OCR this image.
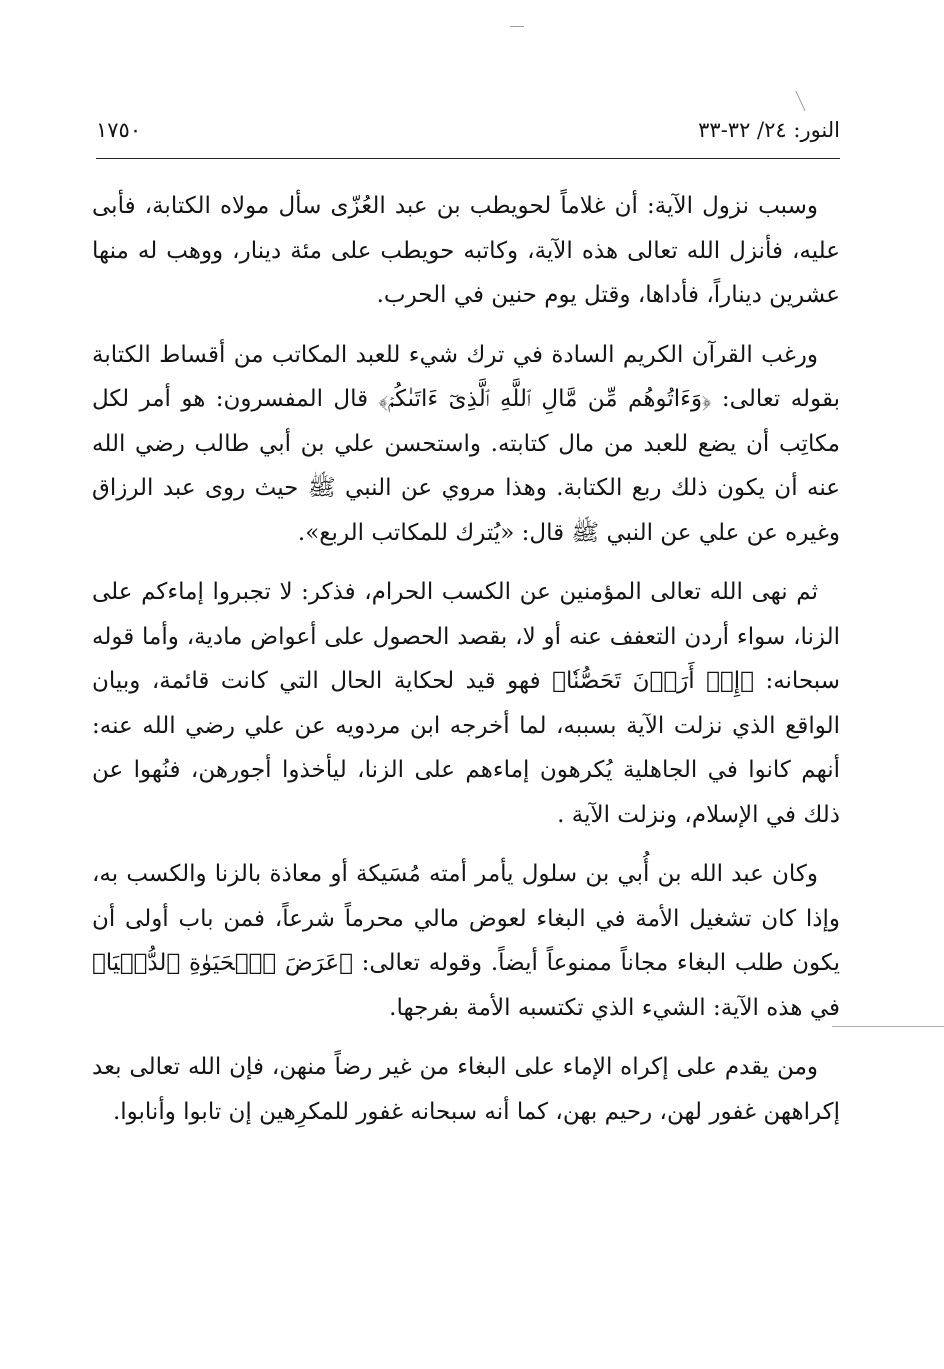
١٧٥٠	النور: ٢٤/ ٣٢-٣٣

وسبب نزول الآية: أن غلاماً لحويطب بن عبد العُزّى سأل مولاه الكتابة، فأبى عليه، فأنزل الله تعالى هذه الآية، وكاتبه حويطب على مئة دينار، ووهب له منها عشرين ديناراً، فأداها، وقتل يوم حنين في الحرب.

ورغب القرآن الكريم السادة في ترك شيء للعبد المكاتب من أقساط الكتابة بقوله تعالى: ﴿وَءَاتُوهُم مِّن مَّالِ ٱللَّهِ ٱلَّذِىٓ ءَاتَىٰكُمۡ﴾ قال المفسرون: هو أمر لكل مكاتِب أن يضع للعبد من مال كتابته. واستحسن علي بن أبي طالب رضي الله عنه أن يكون ذلك ربع الكتابة. وهذا مروي عن النبي ﷺ حيث روى عبد الرزاق وغيره عن علي عن النبي ﷺ قال: «يُترك للمكاتب الربع».

ثم نهى الله تعالى المؤمنين عن الكسب الحرام، فذكر: لا تجبروا إماءكم على الزنا، سواء أردن التعفف عنه أو لا، بقصد الحصول على أعواض مادية، وأما قوله سبحانه: ﴿إِنۡ أَرَدۡنَ تَحَصُّنٗا﴾ فهو قيد لحكاية الحال التي كانت قائمة، وبيان الواقع الذي نزلت الآية بسببه، لما أخرجه ابن مردويه عن علي رضي الله عنه: أنهم كانوا في الجاهلية يُكرهون إماءهم على الزنا، ليأخذوا أجورهن، فنُهوا عن ذلك في الإسلام، ونزلت الآية .

وكان عبد الله بن أُبي بن سلول يأمر أمته مُسَيكة أو معاذة بالزنا والكسب به، وإذا كان تشغيل الأمة في البغاء لعوض مالي محرماً شرعاً، فمن باب أولى أن يكون طلب البغاء مجاناً ممنوعاً أيضاً. وقوله تعالى: ﴿عَرَضَ ٱلۡحَيَوٰةِ ٱلدُّنۡيَا﴾ في هذه الآية: الشيء الذي تكتسبه الأمة بفرجها.

ومن يقدم على إكراه الإماء على البغاء من غير رضاً منهن، فإن الله تعالى بعد إكراههن غفور لهن، رحيم بهن، كما أنه سبحانه غفور للمكرِهين إن تابوا وأنابوا.
